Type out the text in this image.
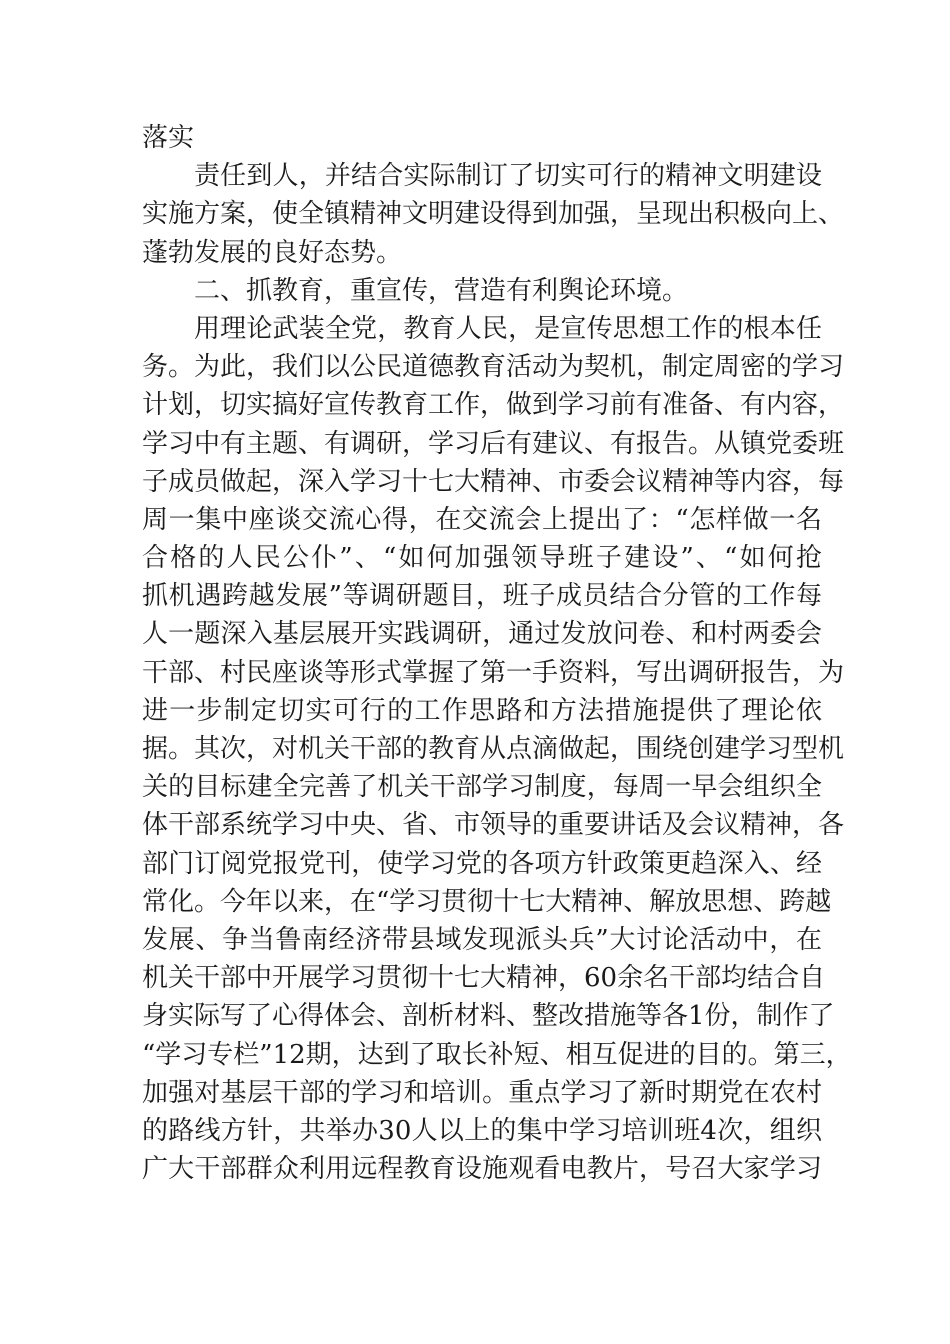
落实
责任到人，并结合实际制订了切实可行的精神文明建设
实施方案，使全镇精神文明建设得到加强，呈现出积极向上、
蓬勃发展的良好态势。
二、抓教育，重宣传，营造有利舆论环境。
用理论武装全党，教育人民，是宣传思想工作的根本任
务。为此，我们以公民道德教育活动为契机，制定周密的学习
计划，切实搞好宣传教育工作，做到学习前有准备、有内容，
学习中有主题、有调研，学习后有建议、有报告。从镇党委班
子成员做起，深入学习十七大精神、市委会议精神等内容，每
周一集中座谈交流心得，在交流会上提出了：“怎样做一名
合格的人民公仆”、“如何加强领导班子建设”、“如何抢
抓机遇跨越发展”等调研题目，班子成员结合分管的工作每
人一题深入基层展开实践调研，通过发放问卷、和村两委会
干部、村民座谈等形式掌握了第一手资料，写出调研报告，为
进一步制定切实可行的工作思路和方法措施提供了理论依
据。其次，对机关干部的教育从点滴做起，围绕创建学习型机
关的目标建全完善了机关干部学习制度，每周一早会组织全
体干部系统学习中央、省、市领导的重要讲话及会议精神，各
部门订阅党报党刊，使学习党的各项方针政策更趋深入、经
常化。今年以来，在“学习贯彻十七大精神、解放思想、跨越
发展、争当鲁南经济带县域发现派头兵”大讨论活动中，在
机关干部中开展学习贯彻十七大精神，60余名干部均结合自
身实际写了心得体会、剖析材料、整改措施等各1份，制作了
“学习专栏”12期，达到了取长补短、相互促进的目的。第三，
加强对基层干部的学习和培训。重点学习了新时期党在农村
的路线方针，共举办30人以上的集中学习培训班4次，组织
广大干部群众利用远程教育设施观看电教片，号召大家学习
